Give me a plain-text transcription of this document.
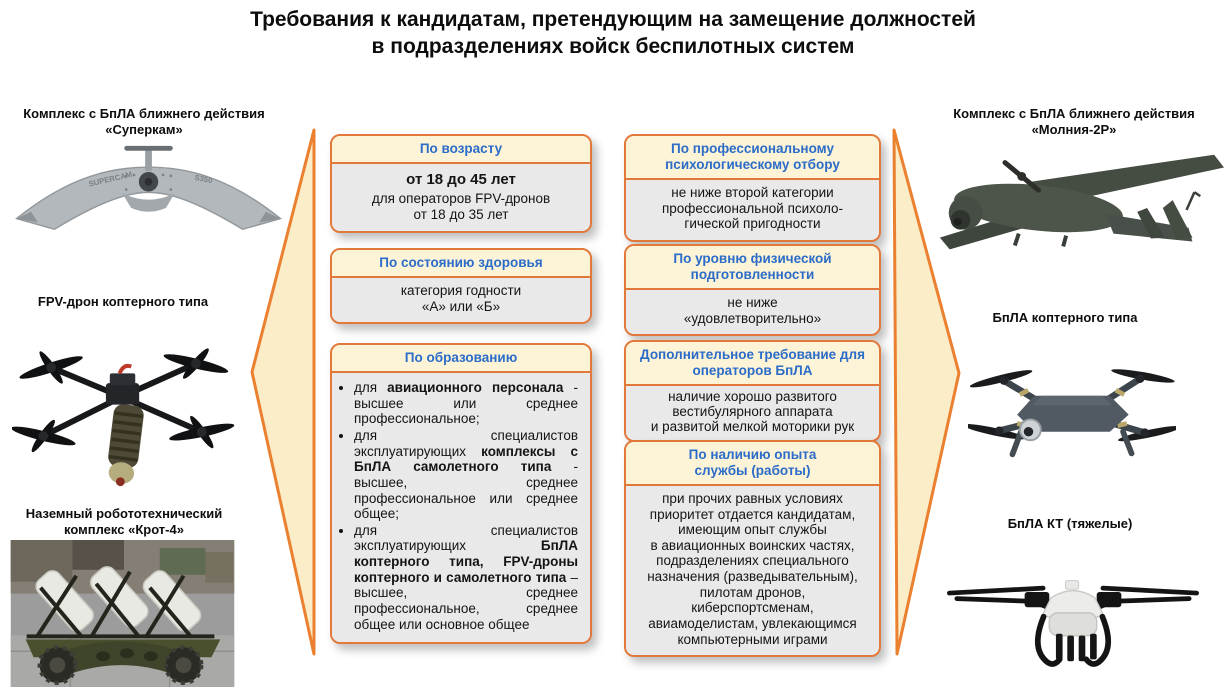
Требования к кандидатам, претендующим на замещение должностей
в подразделениях войск беспилотных систем
Комплекс с БпЛА ближнего действия «Суперкам»
SUPERCAM	S350
FPV-дрон коптерного типа
Наземный робототехнический комплекс «Крот-4»
Комплекс с БпЛА ближнего действия «Молния-2Р»
БпЛА коптерного типа
БпЛА КТ (тяжелые)
По возрасту
от 18 до 45 лет
для операторов FPV-дронов
от 18 до 35 лет
По состоянию здоровья
категория годности
«А» или «Б»
По образованию
• для авиационного персонала - высшее или среднее профессиональное;
• для специалистов эксплуатирующих комплексы с БпЛА самолетного типа - высшее, среднее профессиональное или среднее общее;
• для специалистов эксплуатирующих БпЛА коптерного типа, FPV-дроны коптерного и самолетного типа – высшее, среднее профессиональное, среднее общее или основное общее
По профессиональному психологическому отбору
не ниже второй категории
профессиональной психоло-
гической пригодности
По уровню физической подготовленности
не ниже
«удовлетворительно»
Дополнительное требование для операторов БпЛА
наличие хорошо развитого
вестибулярного аппарата
и развитой мелкой моторики рук
По наличию опыта службы (работы)
при прочих равных условиях
приоритет отдается кандидатам,
имеющим опыт службы
в авиационных воинских частях,
подразделениях специального
назначения (разведывательным),
пилотам дронов,
киберспортсменам,
авиамоделистам, увлекающимся
компьютерными играми
